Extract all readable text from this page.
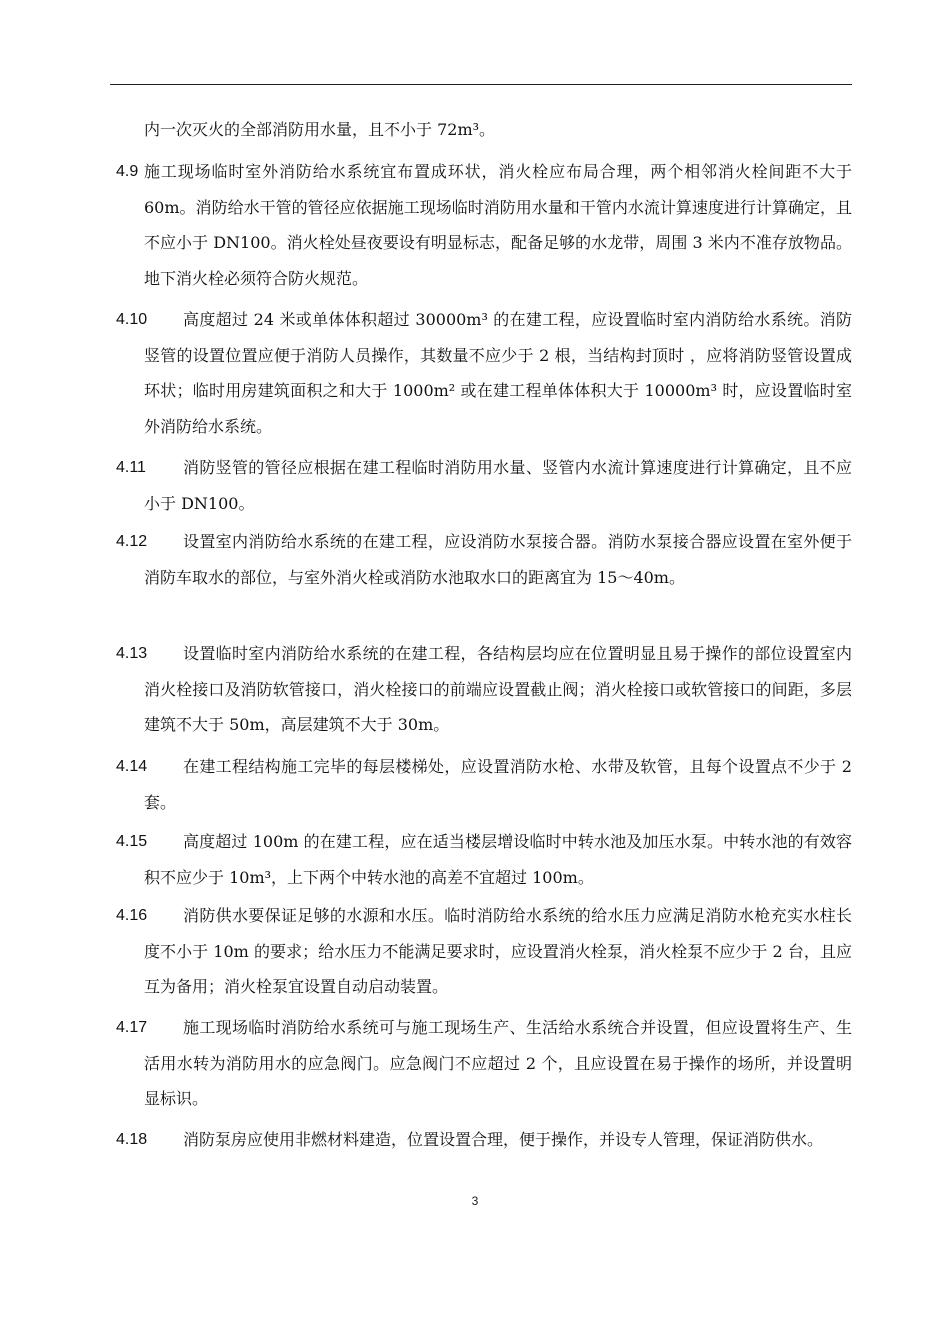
内一次灭火的全部消防用水量，且不小于 72m³。
4.9 施工现场临时室外消防给水系统宜布置成环状，消火栓应布局合理，两个相邻消火栓间距不大于 60m。消防给水干管的管径应依据施工现场临时消防用水量和干管内水流计算速度进行计算确定，且不应小于 DN100。消火栓处昼夜要设有明显标志，配备足够的水龙带，周围 3 米内不准存放物品。地下消火栓必须符合防火规范。
4.10	高度超过 24 米或单体体积超过 30000m³ 的在建工程，应设置临时室内消防给水系统。消防竖管的设置位置应便于消防人员操作，其数量不应少于 2 根，当结构封顶时 ，应将消防竖管设置成环状；临时用房建筑面积之和大于 1000m² 或在建工程单体体积大于 10000m³ 时，应设置临时室外消防给水系统。
4.11	消防竖管的管径应根据在建工程临时消防用水量、竖管内水流计算速度进行计算确定，且不应小于 DN100。
4.12	设置室内消防给水系统的在建工程，应设消防水泵接合器。消防水泵接合器应设置在室外便于消防车取水的部位，与室外消火栓或消防水池取水口的距离宜为 15～40m。
4.13	设置临时室内消防给水系统的在建工程，各结构层均应在位置明显且易于操作的部位设置室内消火栓接口及消防软管接口，消火栓接口的前端应设置截止阀；消火栓接口或软管接口的间距，多层建筑不大于 50m，高层建筑不大于 30m。
4.14	在建工程结构施工完毕的每层楼梯处，应设置消防水枪、水带及软管，且每个设置点不少于 2 套。
4.15	高度超过 100m 的在建工程，应在适当楼层增设临时中转水池及加压水泵。中转水池的有效容积不应少于 10m³，上下两个中转水池的高差不宜超过 100m。
4.16	消防供水要保证足够的水源和水压。临时消防给水系统的给水压力应满足消防水枪充实水柱长度不小于 10m 的要求；给水压力不能满足要求时，应设置消火栓泵，消火栓泵不应少于 2 台，且应互为备用；消火栓泵宜设置自动启动装置。
4.17	施工现场临时消防给水系统可与施工现场生产、生活给水系统合并设置，但应设置将生产、生活用水转为消防用水的应急阀门。应急阀门不应超过 2 个，且应设置在易于操作的场所，并设置明显标识。
4.18	消防泵房应使用非燃材料建造，位置设置合理，便于操作，并设专人管理，保证消防供水。
3
